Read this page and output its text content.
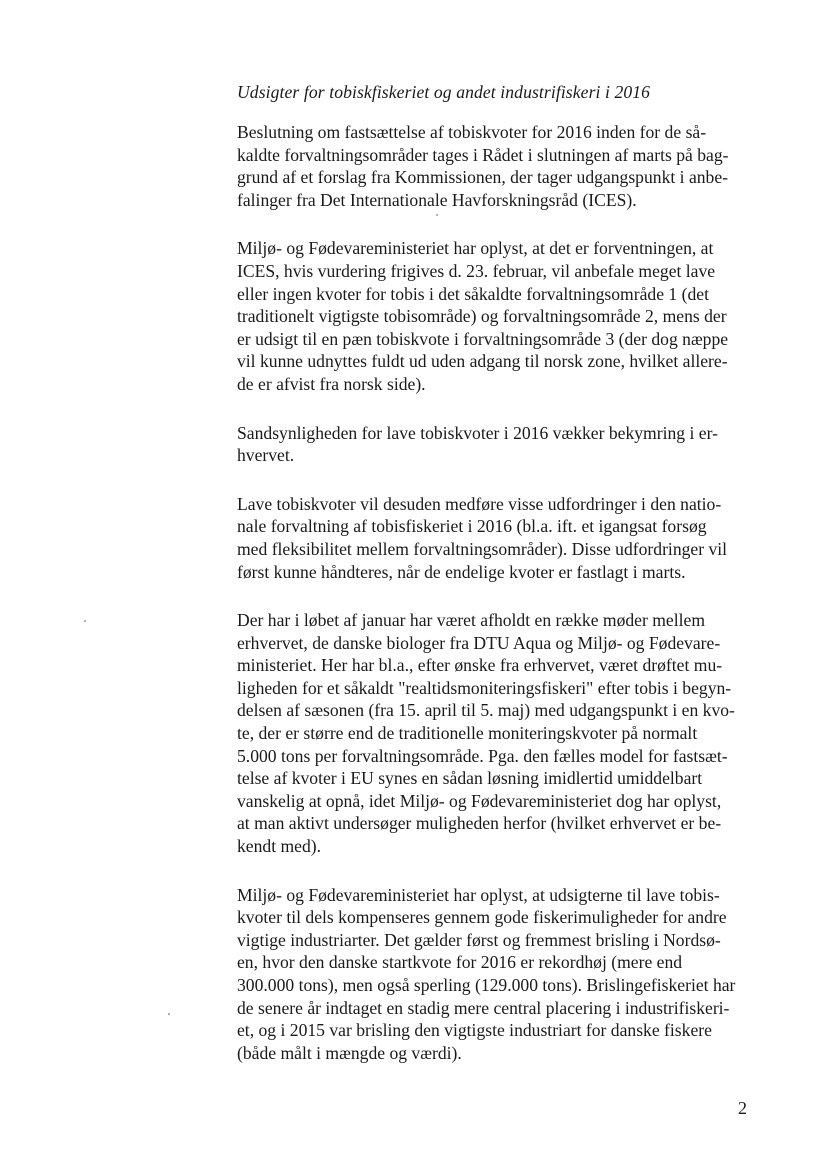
Udsigter for tobiskfiskeriet og andet industrifiskeri i 2016

Beslutning om fastsættelse af tobiskvoter for 2016 inden for de så-
kaldte forvaltningsområder tages i Rådet i slutningen af marts på bag-
grund af et forslag fra Kommissionen, der tager udgangspunkt i anbe-
falinger fra Det Internationale Havforskningsråd (ICES).

Miljø- og Fødevareministeriet har oplyst, at det er forventningen, at
ICES, hvis vurdering frigives d. 23. februar, vil anbefale meget lave
eller ingen kvoter for tobis i det såkaldte forvaltningsområde 1 (det
traditionelt vigtigste tobisområde) og forvaltningsområde 2, mens der
er udsigt til en pæn tobiskvote i forvaltningsområde 3 (der dog næppe
vil kunne udnyttes fuldt ud uden adgang til norsk zone, hvilket allere-
de er afvist fra norsk side).

Sandsynligheden for lave tobiskvoter i 2016 vækker bekymring i er-
hvervet.

Lave tobiskvoter vil desuden medføre visse udfordringer i den natio-
nale forvaltning af tobisfiskeriet i 2016 (bl.a. ift. et igangsat forsøg
med fleksibilitet mellem forvaltningsområder). Disse udfordringer vil
først kunne håndteres, når de endelige kvoter er fastlagt i marts.

Der har i løbet af januar har været afholdt en række møder mellem
erhvervet, de danske biologer fra DTU Aqua og Miljø- og Fødevare-
ministeriet. Her har bl.a., efter ønske fra erhvervet, været drøftet mu-
ligheden for et såkaldt "realtidsmoniteringsfiskeri" efter tobis i begyn-
delsen af sæsonen (fra 15. april til 5. maj) med udgangspunkt i en kvo-
te, der er større end de traditionelle moniteringskvoter på normalt
5.000 tons per forvaltningsområde. Pga. den fælles model for fastsæt-
telse af kvoter i EU synes en sådan løsning imidlertid umiddelbart
vanskelig at opnå, idet Miljø- og Fødevareministeriet dog har oplyst,
at man aktivt undersøger muligheden herfor (hvilket erhvervet er be-
kendt med).

Miljø- og Fødevareministeriet har oplyst, at udsigterne til lave tobis-
kvoter til dels kompenseres gennem gode fiskerimuligheder for andre
vigtige industriarter. Det gælder først og fremmest brisling i Nordsø-
en, hvor den danske startkvote for 2016 er rekordhøj (mere end
300.000 tons), men også sperling (129.000 tons). Brislingefiskeriet har
de senere år indtaget en stadig mere central placering i industrifiskeri-
et, og i 2015 var brisling den vigtigste industriart for danske fiskere
(både målt i mængde og værdi).

2
